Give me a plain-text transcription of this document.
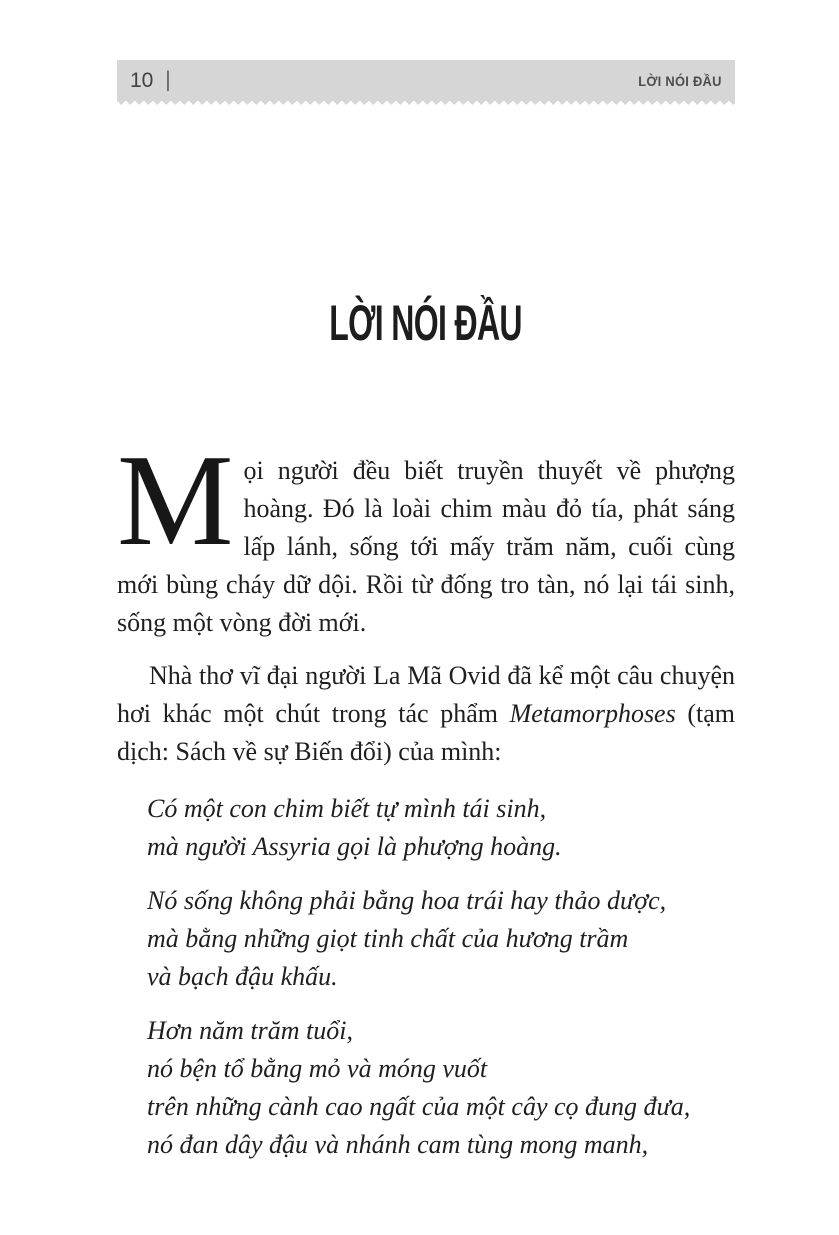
10 |	LỜI NÓI ĐẦU
LỜI NÓI ĐẦU
Mọi người đều biết truyền thuyết về phượng hoàng. Đó là loài chim màu đỏ tía, phát sáng lấp lánh, sống tới mấy trăm năm, cuối cùng mới bùng cháy dữ dội. Rồi từ đống tro tàn, nó lại tái sinh, sống một vòng đời mới.
Nhà thơ vĩ đại người La Mã Ovid đã kể một câu chuyện hơi khác một chút trong tác phẩm Metamorphoses (tạm dịch: Sách về sự Biến đổi) của mình:
Có một con chim biết tự mình tái sinh,
mà người Assyria gọi là phượng hoàng.
Nó sống không phải bằng hoa trái hay thảo dược,
mà bằng những giọt tinh chất của hương trầm
và bạch đậu khấu.
Hơn năm trăm tuổi,
nó bện tổ bằng mỏ và móng vuốt
trên những cành cao ngất của một cây cọ đung đưa,
nó đan dây đậu và nhánh cam tùng mong manh,
